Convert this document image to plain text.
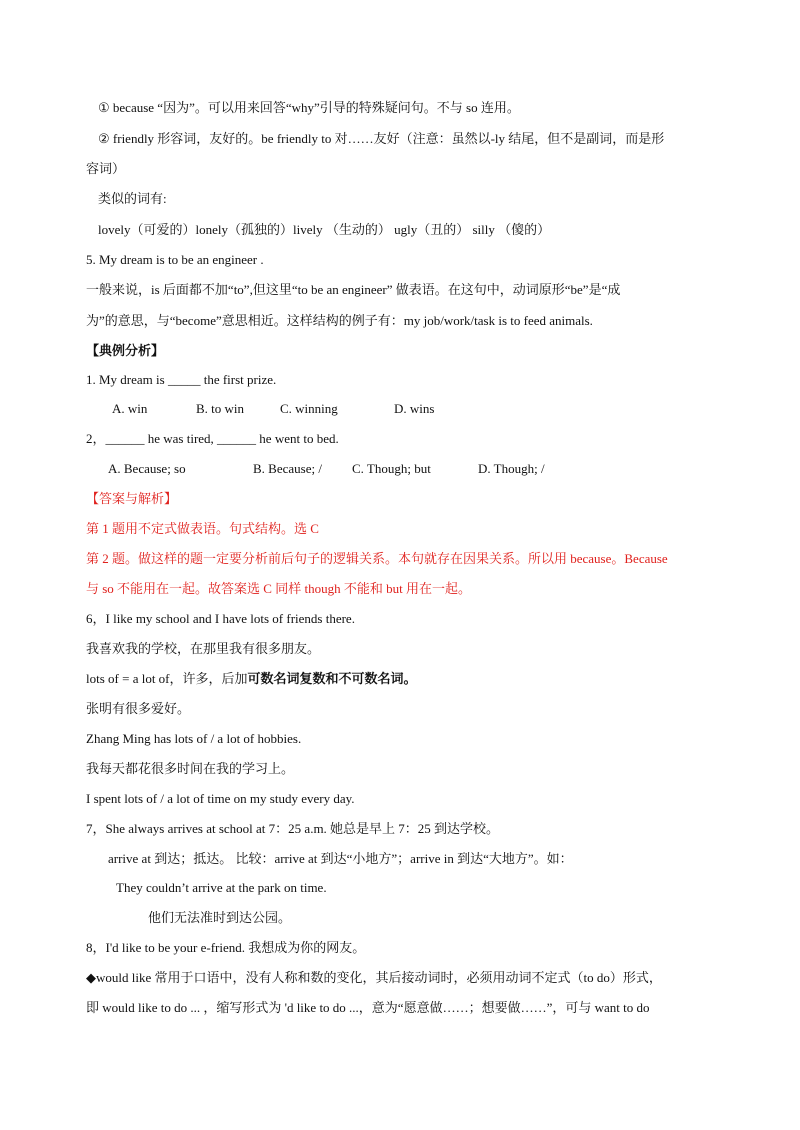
① because “因为”。可以用来回答“why”引导的特殊疑问句。不与 so 连用。
② friendly 形容词，友好的。be friendly to 对……友好（注意：虽然以-ly 结尾，但不是副词，而是形
容词）
类似的词有:
lovely（可爱的）lonely（孤独的）lively （生动的） ugly（丑的） silly （傻的）
5. My dream is to be an engineer .
一般来说，is 后面都不加“to”,但这里“to be an engineer” 做表语。在这句中，动词原形“be”是“成
为”的意思，与“become”意思相近。这样结构的例子有：my job/work/task is to feed animals.
【典例分析】
1. My dream is _____ the first prize.
A. win	B. to win	C. winning	D. wins
2，______ he was tired, ______ he went to bed.
A. Because; so	B. Because; / C. Though; but	D. Though; /
【答案与解析】
第 1 题用不定式做表语。句式结构。选 C
第 2 题。做这样的题一定要分析前后句子的逻辑关系。本句就存在因果关系。所以用 because。Because
与 so 不能用在一起。故答案选 C 同样 though 不能和 but 用在一起。
6，I like my school and I have lots of friends there.
我喜欢我的学校，在那里我有很多朋友。
lots of = a lot of，许多，后加可数名词复数和不可数名词。
张明有很多爱好。
Zhang Ming has lots of / a lot of hobbies.
我每天都花很多时间在我的学习上。
I spent lots of / a lot of time on my study every day.
7，She always arrives at school at 7：25 a.m. 她总是早上 7：25 到达学校。
arrive at 到达；抵达。 比较：arrive at 到达“小地方”；arrive in 到达“大地方”。如：
They couldn’t arrive at the park on time.
他们无法准时到达公园。
8，I'd like to be your e-friend. 我想成为你的网友。
◆would like 常用于口语中，没有人称和数的变化，其后接动词时，必须用动词不定式（to do）形式，
即 would like to do ... ，缩写形式为 'd like to do ...，意为“愿意做……；想要做……”，可与 want to do
